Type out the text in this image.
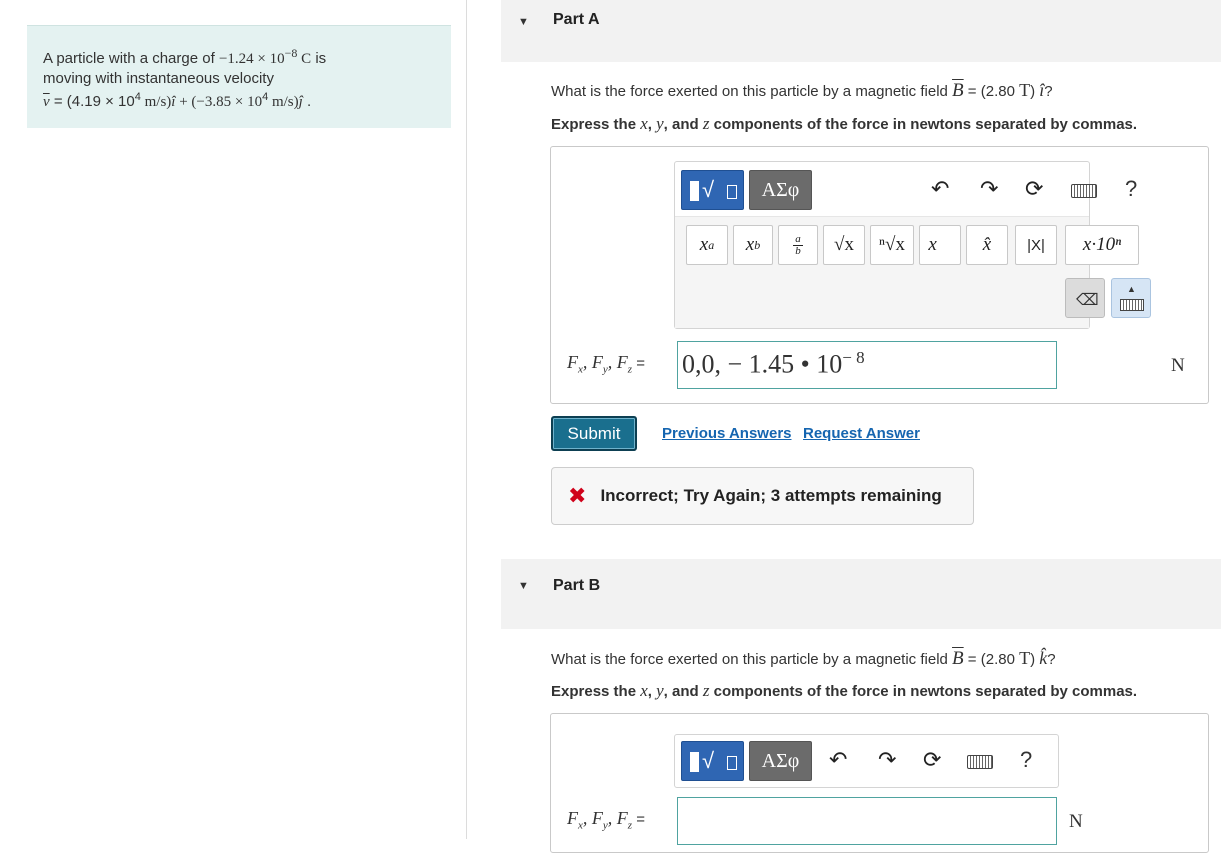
A particle with a charge of $-1.24 \times 10^{-8}$ C is
moving with instantaneous velocity
$\overline{v} = (4.19 \times 10^4$ m/s)î + ($-3.85 \times 10^4$ m/s)ĵ .
▼ Part A
What is the force exerted on this particle by a magnetic field $\overline{B} = (2.80$ T) î?
Express the x, y, and z components of the force in newtons separated by commas.
√	ΑΣφ	↶ ↷ ⟳	?
x a x b $\frac{a}{b} √x$	ⁿ√x	x⃗	x̂	|X|	x·10ⁿ
⌫
▲
$F_x$, $F_y$, $F_z = 0,0$, − 1.45 • $10^{- 8}$	N
Submit	Previous Answers Request Answer
✖ Incorrect; Try Again; 3 attempts remaining
▼ Part B
What is the force exerted on this particle by a magnetic field $\overline{B} = (2.80$ T) k̂?
Express the x, y, and z components of the force in newtons separated by commas.
√	ΑΣφ	↶ ↷ ⟳	?
$F_x$, $F_y$, $F_z$ =	N
